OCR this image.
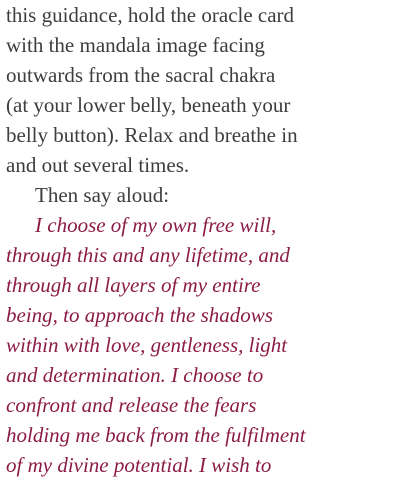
this guidance, hold the oracle card
with the mandala image facing
outwards from the sacral chakra
(at your lower belly, beneath your
belly button). Relax and breathe in
and out several times.
Then say aloud:
I choose of my own free will,
through this and any lifetime, and
through all layers of my entire
being, to approach the shadows
within with love, gentleness, light
and determination. I choose to
confront and release the fears
holding me back from the fulfilment
of my divine potential. I wish to
